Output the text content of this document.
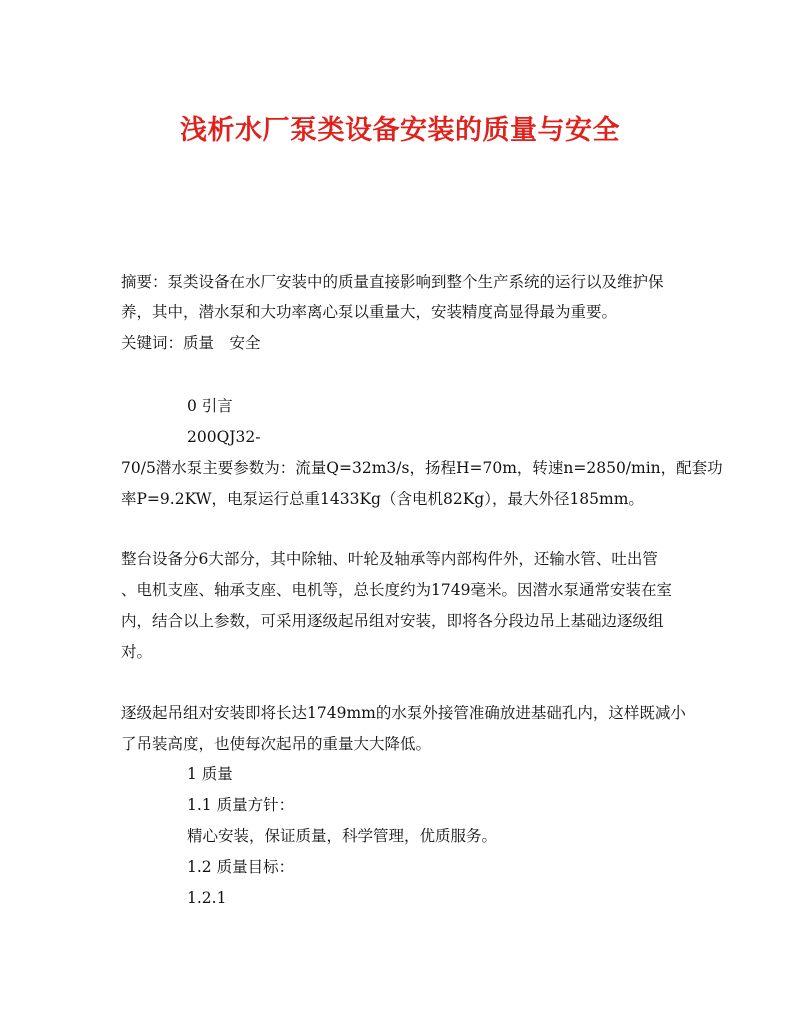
浅析水厂泵类设备安装的质量与安全
摘要：泵类设备在水厂安装中的质量直接影响到整个生产系统的运行以及维护保
养，其中，潜水泵和大功率离心泵以重量大，安装精度高显得最为重要。
关键词：质量　安全
0 引言
200QJ32-
70/5潜水泵主要参数为：流量Q=32m3/s，扬程H=70m，转速n=2850/min，配套功
率P=9.2KW，电泵运行总重1433Kg（含电机82Kg），最大外径185mm。
整台设备分6大部分，其中除轴、叶轮及轴承等内部构件外，还输水管、吐出管
、电机支座、轴承支座、电机等，总长度约为1749毫米。因潜水泵通常安装在室
内，结合以上参数，可采用逐级起吊组对安装，即将各分段边吊上基础边逐级组
对。
逐级起吊组对安装即将长达1749mm的水泵外接管准确放进基础孔内，这样既减小
了吊装高度，也使每次起吊的重量大大降低。
1 质量
1.1 质量方针：
精心安装，保证质量，科学管理，优质服务。
1.2 质量目标：
1.2.1
